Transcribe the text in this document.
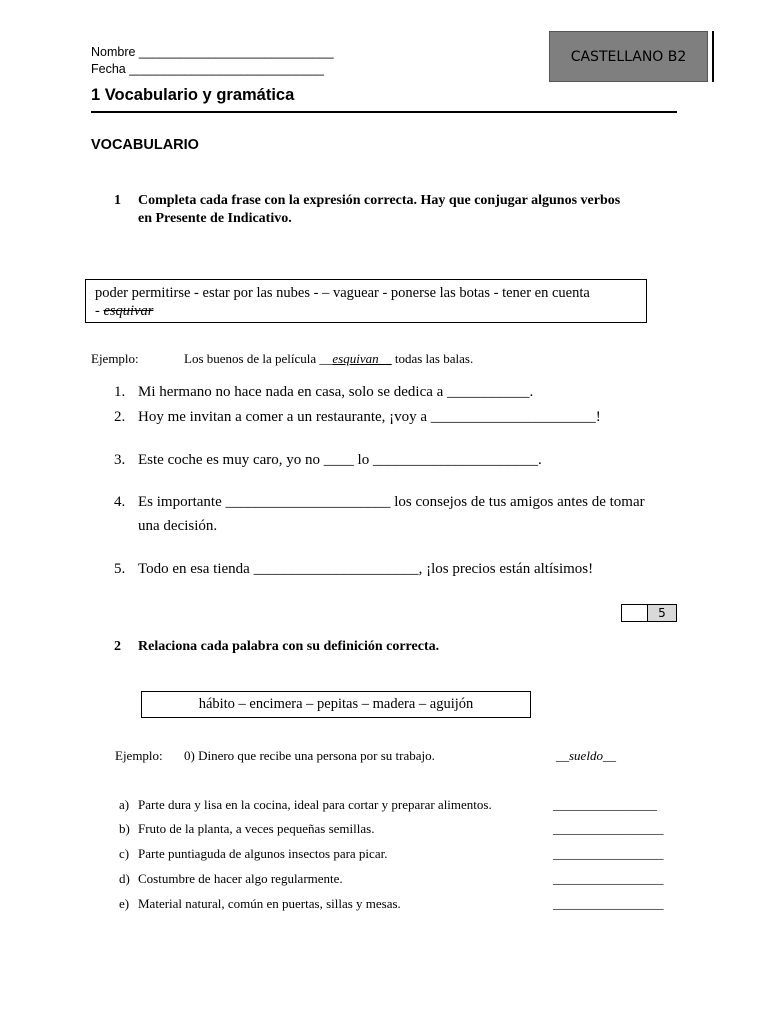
Nombre ____________________________
Fecha ____________________________
CASTELLANO B2
1 Vocabulario y gramática
VOCABULARIO
1 Completa cada frase con la expresión correcta. Hay que conjugar algunos verbos
en Presente de Indicativo.
poder permitirse - estar por las nubes - – vaguear - ponerse las botas - tener en cuenta
- esquivar
Ejemplo:	Los buenos de la película __esquivan__ todas las balas.
1. Mi hermano no hace nada en casa, solo se dedica a ___________.
2. Hoy me invitan a comer a un restaurante, ¡voy a ______________________!
3. Este coche es muy caro, yo no ____ lo ______________________.
4. Es importante ______________________ los consejos de tus amigos antes de tomar
una decisión.
5. Todo en esa tienda ______________________, ¡los precios están altísimos!
5
2 Relaciona cada palabra con su definición correcta.
hábito – encimera – pepitas – madera – aguijón
Ejemplo: 0) Dinero que recibe una persona por su trabajo.	__sueldo__
a) Parte dura y lisa en la cocina, ideal para cortar y preparar alimentos.	________________
b) Fruto de la planta, a veces pequeñas semillas.	_________________
c) Parte puntiaguda de algunos insectos para picar.	_________________
d) Costumbre de hacer algo regularmente.	_________________
e) Material natural, común en puertas, sillas y mesas.	_________________
